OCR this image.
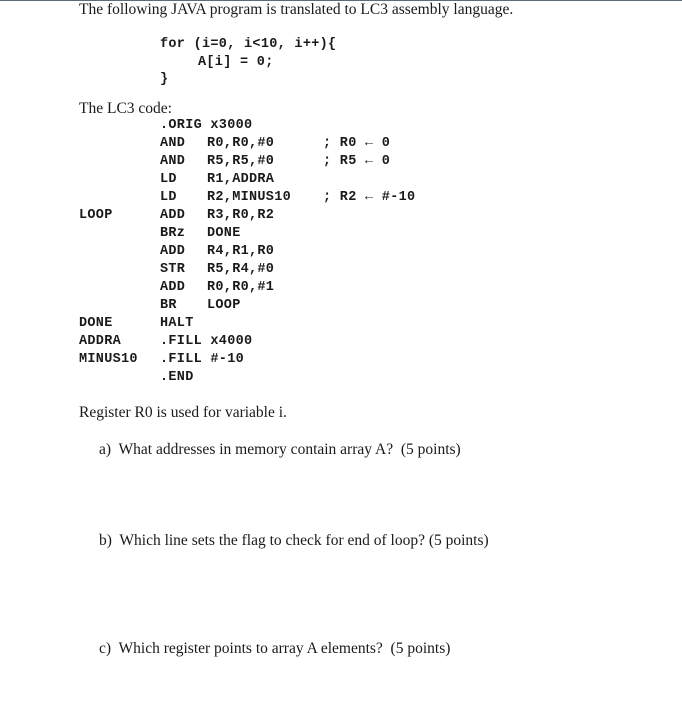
The following JAVA program is translated to LC3 assembly language.
for (i=0, i<10, i++){
A[i] = 0;
}
The LC3 code:
.ORIG x3000
AND R0,R0,#0	; R0 ← 0
AND R5,R5,#0	; R5 ← 0
LD R1,ADDRA
LD R2,MINUS10 ; R2 ← #-10
LOOP	ADD R3,R0,R2
BRz DONE
ADD R4,R1,R0
STR R5,R4,#0
ADD R0,R0,#1
BR LOOP
DONE	HALT
ADDRA	.FILL x4000
MINUS10 .FILL #-10
.END
Register R0 is used for variable i.
a)  What addresses in memory contain array A?  (5 points)
b)  Which line sets the flag to check for end of loop? (5 points)
c)  Which register points to array A elements?  (5 points)
